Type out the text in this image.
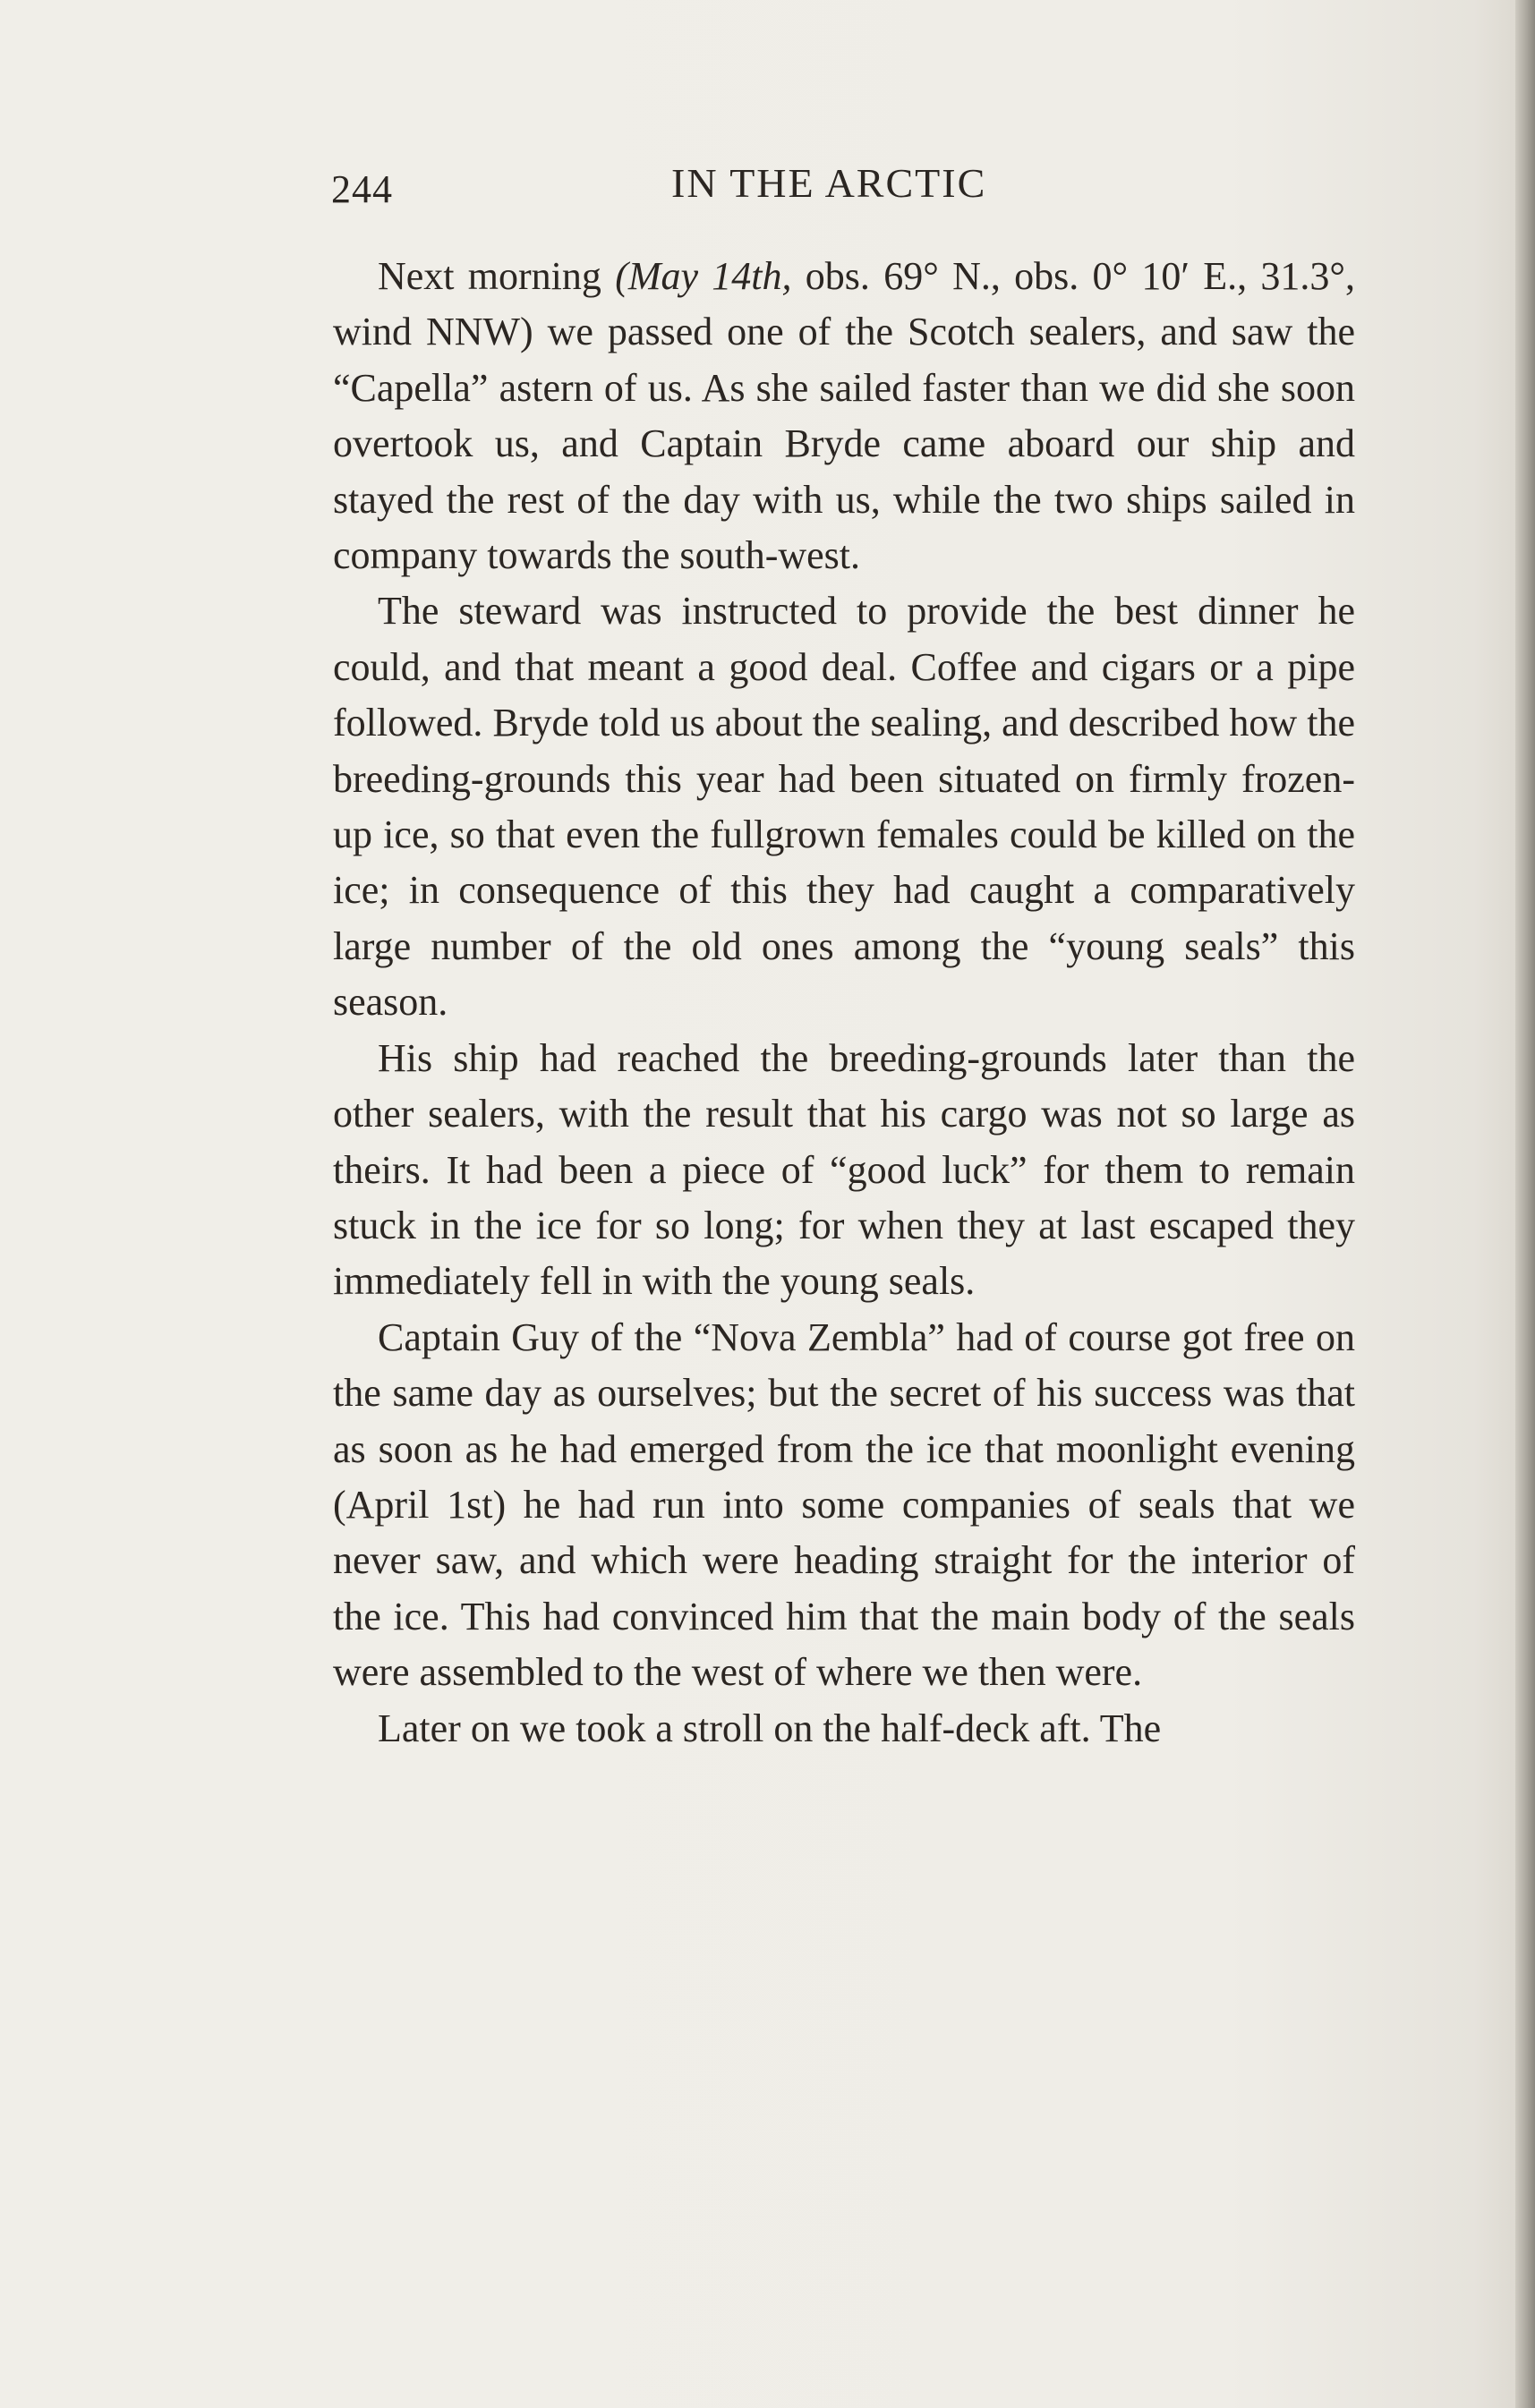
244	IN THE ARCTIC

Next morning (May 14th, obs. 69° N., obs. 0° 10′ E., 31.3°, wind NNW) we passed one of the Scotch sealers, and saw the “Capella” astern of us. As she sailed faster than we did she soon overtook us, and Captain Bryde came aboard our ship and stayed the rest of the day with us, while the two ships sailed in company towards the south-west.

The steward was instructed to provide the best dinner he could, and that meant a good deal. Coffee and cigars or a pipe followed. Bryde told us about the sealing, and described how the breeding-grounds this year had been situated on firmly frozen-up ice, so that even the fullgrown females could be killed on the ice; in consequence of this they had caught a comparatively large number of the old ones among the “young seals” this season.

His ship had reached the breeding-grounds later than the other sealers, with the result that his cargo was not so large as theirs. It had been a piece of “good luck” for them to remain stuck in the ice for so long; for when they at last escaped they immediately fell in with the young seals.

Captain Guy of the “Nova Zembla” had of course got free on the same day as ourselves; but the secret of his success was that as soon as he had emerged from the ice that moonlight evening (April 1st) he had run into some companies of seals that we never saw, and which were heading straight for the interior of the ice. This had convinced him that the main body of the seals were assembled to the west of where we then were.

Later on we took a stroll on the half-deck aft. The
